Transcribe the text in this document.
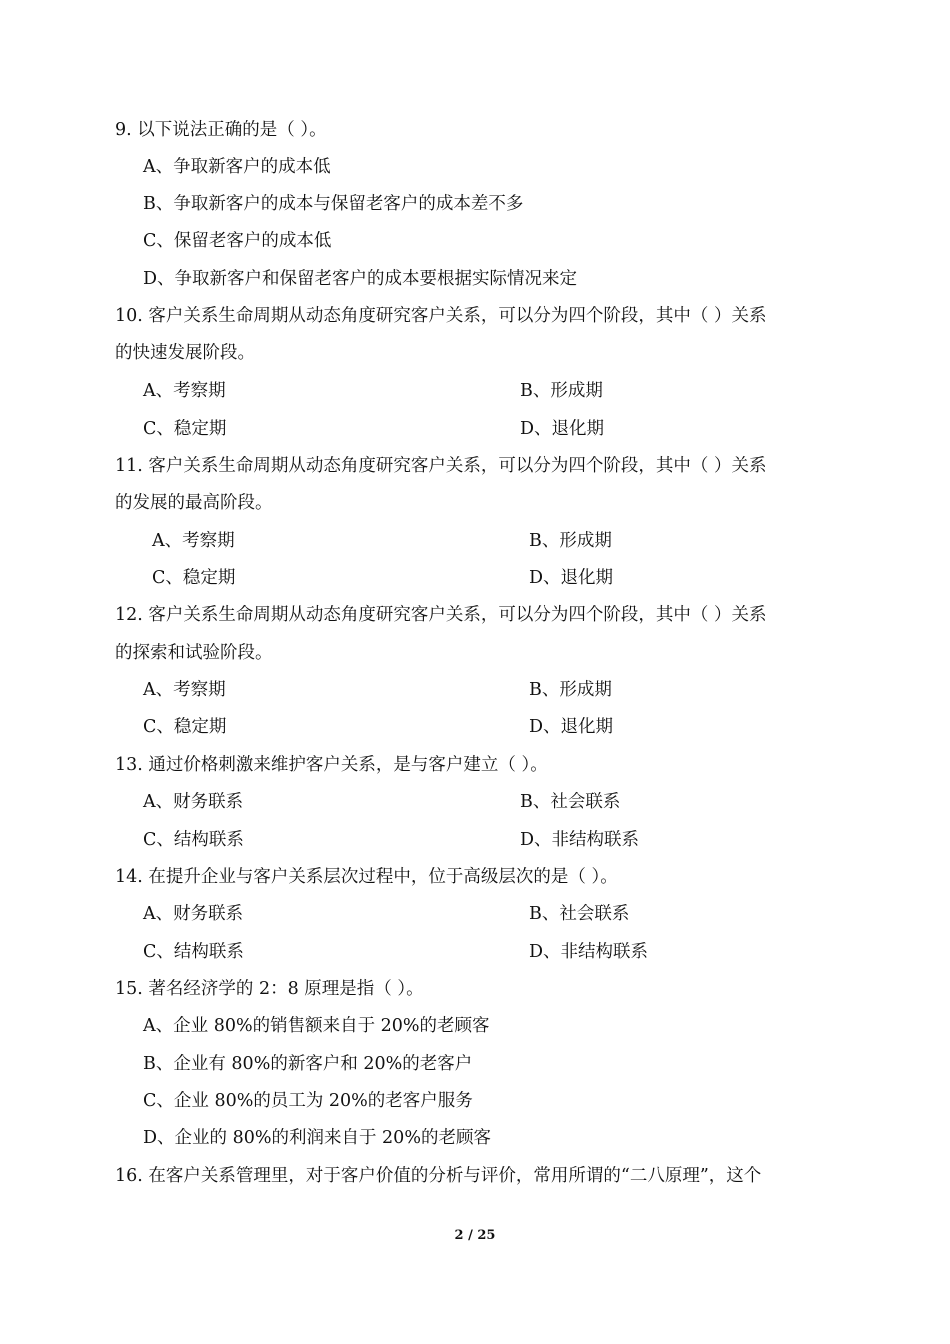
9. 以下说法正确的是（ ）。
A、争取新客户的成本低
B、争取新客户的成本与保留老客户的成本差不多
C、保留老客户的成本低
D、争取新客户和保留老客户的成本要根据实际情况来定
10. 客户关系生命周期从动态角度研究客户关系，可以分为四个阶段，其中（ ）关系
的快速发展阶段。
A、考察期	B、形成期
C、稳定期	D、退化期
11. 客户关系生命周期从动态角度研究客户关系，可以分为四个阶段，其中（ ）关系
的发展的最高阶段。
A、考察期	B、形成期
C、稳定期	D、退化期
12. 客户关系生命周期从动态角度研究客户关系，可以分为四个阶段，其中（ ）关系
的探索和试验阶段。
A、考察期	B、形成期
C、稳定期	D、退化期
13. 通过价格刺激来维护客户关系，是与客户建立（ ）。
A、财务联系	B、社会联系
C、结构联系	D、非结构联系
14. 在提升企业与客户关系层次过程中，位于高级层次的是（ ）。
A、财务联系	B、社会联系
C、结构联系	D、非结构联系
15. 著名经济学的 2：8 原理是指（ ）。
A、企业 80%的销售额来自于 20%的老顾客
B、企业有 80%的新客户和 20%的老客户
C、企业 80%的员工为 20%的老客户服务
D、企业的 80%的利润来自于 20%的老顾客
16. 在客户关系管理里，对于客户价值的分析与评价，常用所谓的“二八原理”，这个
2 / 25
